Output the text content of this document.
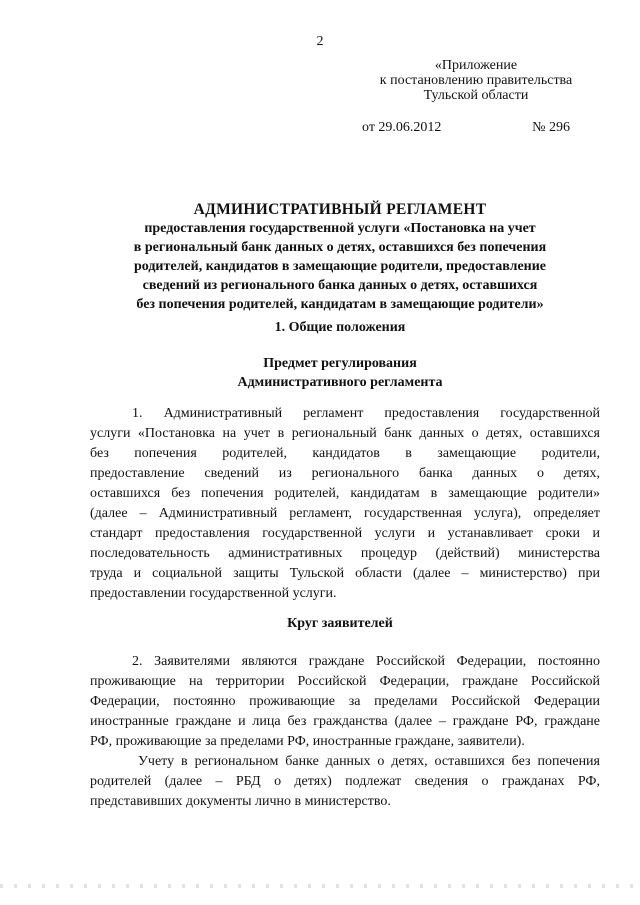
2
«Приложение
к постановлению правительства
Тульской области
от 29.06.2012	№ 296
АДМИНИСТРАТИВНЫЙ РЕГЛАМЕНТ
предоставления государственной услуги «Постановка на учет
в региональный банк данных о детях, оставшихся без попечения
родителей, кандидатов в замещающие родители, предоставление
сведений из регионального банка данных о детях, оставшихся
без попечения родителей, кандидатам в замещающие родители»
1. Общие положения
Предмет регулирования
Административного регламента
1. Административный регламент предоставления государственной
услуги «Постановка на учет в региональный банк данных о детях, оставшихся
без попечения родителей, кандидатов в замещающие родители,
предоставление сведений из регионального банка данных о детях,
оставшихся без попечения родителей, кандидатам в замещающие родители»
(далее – Административный регламент, государственная услуга), определяет
стандарт предоставления государственной услуги и устанавливает сроки и
последовательность административных процедур (действий) министерства
труда и социальной защиты Тульской области (далее – министерство) при
предоставлении государственной услуги.
Круг заявителей
2. Заявителями являются граждане Российской Федерации, постоянно
проживающие на территории Российской Федерации, граждане Российской
Федерации, постоянно проживающие за пределами Российской Федерации
иностранные граждане и лица без гражданства (далее – граждане РФ, граждане
РФ, проживающие за пределами РФ, иностранные граждане, заявители).
Учету в региональном банке данных о детях, оставшихся без попечения
родителей (далее – РБД о детях) подлежат сведения о гражданах РФ,
представивших документы лично в министерство.
